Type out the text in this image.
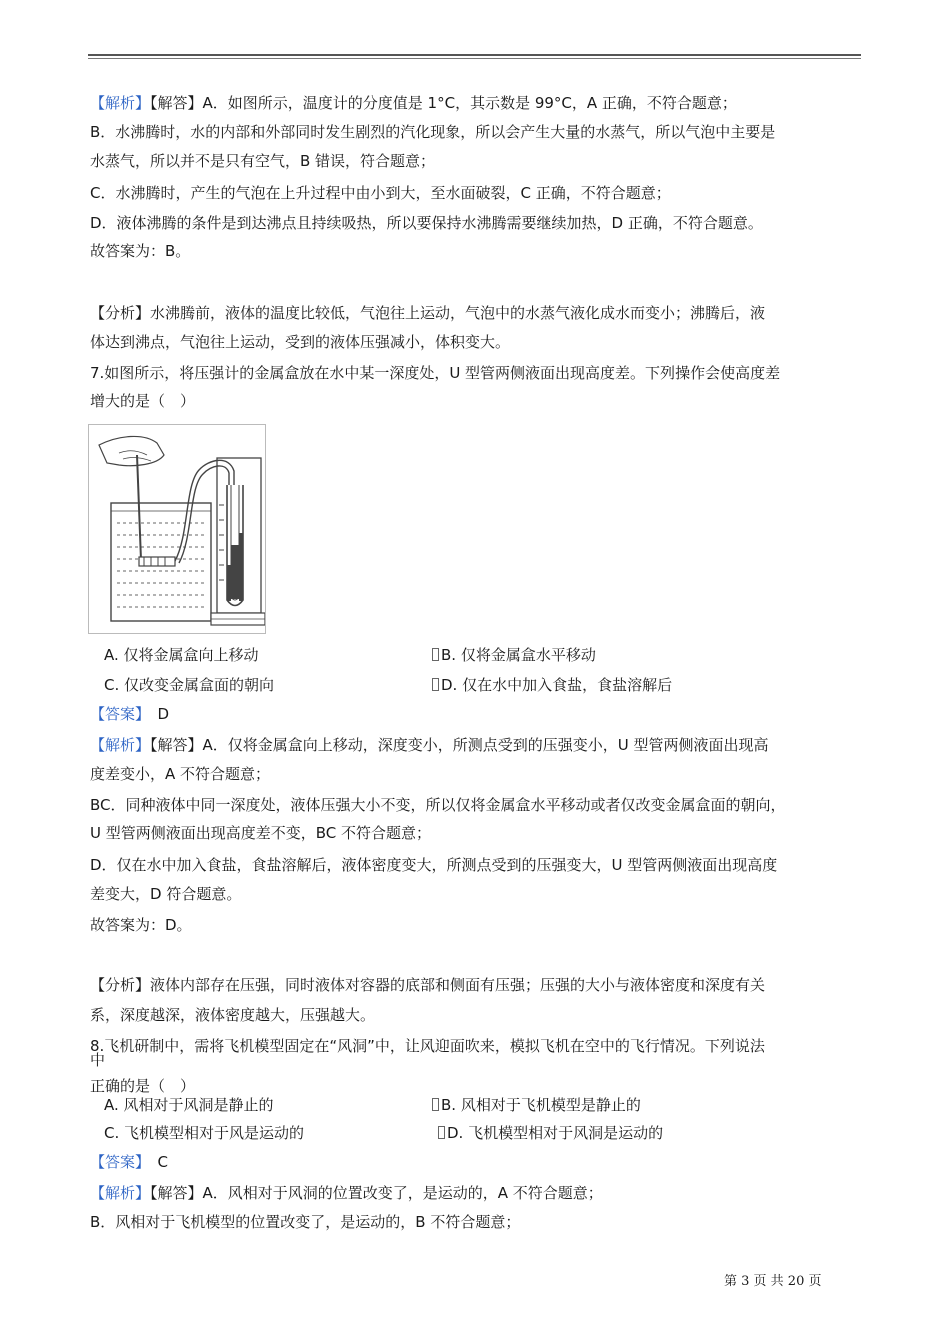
【解析】【解答】A．如图所示，温度计的分度值是 1°C，其示数是 99°C，A 正确，不符合题意；
B．水沸腾时，水的内部和外部同时发生剧烈的汽化现象，所以会产生大量的水蒸气，所以气泡中主要是
水蒸气，所以并不是只有空气，B 错误，符合题意；
C．水沸腾时，产生的气泡在上升过程中由小到大，至水面破裂，C 正确，不符合题意；
D．液体沸腾的条件是到达沸点且持续吸热，所以要保持水沸腾需要继续加热，D 正确，不符合题意。
故答案为：B。
【分析】水沸腾前，液体的温度比较低，气泡往上运动，气泡中的水蒸气液化成水而变小；沸腾后，液
体达到沸点，气泡往上运动，受到的液体压强减小，体积变大。
7.如图所示，将压强计的金属盒放在水中某一深度处，U 型管两侧液面出现高度差。下列操作会使高度差
增大的是（　）
A. 仅将金属盒向上移动	B. 仅将金属盒水平移动
C. 仅改变金属盒面的朝向	D. 仅在水中加入食盐，食盐溶解后
【答案】　 D
【解析】【解答】A．仅将金属盒向上移动，深度变小，所测点受到的压强变小，U 型管两侧液面出现高
度差变小，A 不符合题意；
BC．同种液体中同一深度处，液体压强大小不变，所以仅将金属盒水平移动或者仅改变金属盒面的朝向，
U 型管两侧液面出现高度差不变，BC 不符合题意；
D．仅在水中加入食盐，食盐溶解后，液体密度变大，所测点受到的压强变大，U 型管两侧液面出现高度
差变大，D 符合题意。
故答案为：D。
【分析】液体内部存在压强，同时液体对容器的底部和侧面有压强；压强的大小与液体密度和深度有关
系，深度越深，液体密度越大，压强越大。
8.飞机研制中，需将飞机模型固定在“风洞”中，让风迎面吹来，模拟飞机在空中的飞行情况。下列说法
中
正确的是（　）
A. 风相对于风洞是静止的	B. 风相对于飞机模型是静止的
C. 飞机模型相对于风是运动的	D. 飞机模型相对于风洞是运动的
【答案】　 C
【解析】【解答】A．风相对于风洞的位置改变了，是运动的，A 不符合题意；
B．风相对于飞机模型的位置改变了，是运动的，B 不符合题意；
第 3 页 共 20 页
